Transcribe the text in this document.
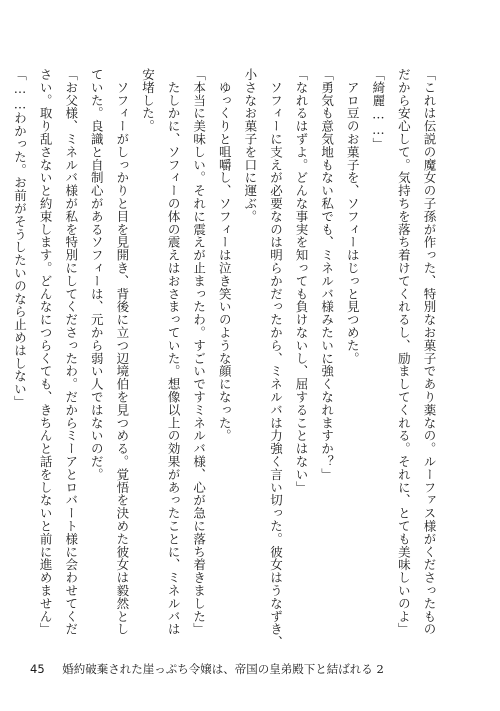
「これは伝説の魔女の子孫が作った、特別なお菓子であり薬なの。ルーファス様がくださったもの
だから安心して。気持ちを落ち着けてくれるし、励ましてくれる。それに、とても美味しいのよ」
「綺麗……」
　アロ豆のお菓子を、ソフィーはじっと見つめた。
「勇気も意気地もない私でも、ミネルバ様みたいに強くなれますか？」
「なれるはずよ。どんな事実を知っても負けないし、屈することはない」
　ソフィーに支えが必要なのは明らかだったから、ミネルバは力強く言い切った。彼女はうなずき、
小さなお菓子を口に運ぶ。
　ゆっくりと咀嚼し、ソフィーは泣き笑いのような顔になった。
「本当に美味しい。それに震えが止まったわ。すごいですミネルバ様、心が急に落ち着きました」
　たしかに、ソフィーの体の震えはおさまっていた。想像以上の効果があったことに、ミネルバは
安堵した。
　ソフィーがしっかりと目を見開き、背後に立つ辺境伯を見つめる。覚悟を決めた彼女は毅然とし
ていた。良識と自制心があるソフィーは、元から弱い人ではないのだ。
「お父様、ミネルバ様が私を特別にしてくださったわ。だからミーアとロバート様に会わせてくだ
さい。取り乱さないと約束します。どんなにつらくても、きちんと話をしないと前に進めません」
「……わかった。お前がそうしたいのなら止めはしない」
45 婚約破棄された崖っぷち令嬢は、帝国の皇弟殿下と結ばれる 2
